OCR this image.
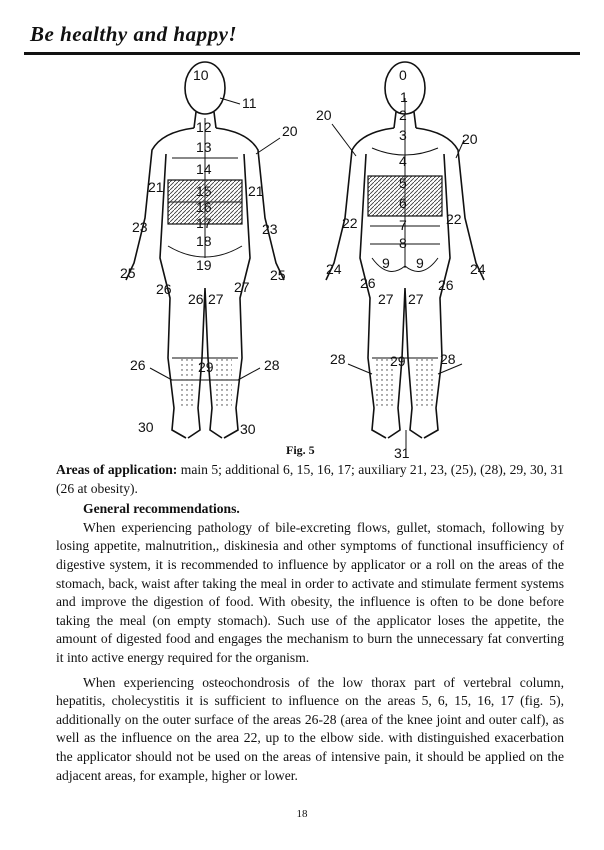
Be healthy and happy!
10
11
12	20
13
14
15
21	21
16
17
23	23
18
19
25	25
26
26 27
27
26	29	28
30	30
0
1
2
20
3	20
4
5
6
22	22
7
8
9 9
24	24
26	26
27 27
28	29 28
31
Fig. 5

Areas of application: main 5; additional 6, 15, 16, 17; auxiliary 21, 23, (25), (28), 29, 30, 31 (26 at obesity).

General recommendations.

When experiencing pathology of bile-excreting flows, gullet, stomach, following by losing appetite, malnutrition,, diskinesia and other symptoms of functional insufficiency of digestive system, it is recommended to influence by applicator or a roll on the areas of the stomach, back, waist after taking the meal in order to activate and stimulate ferment systems and improve the digestion of food. With obesity, the influence is often to be done before taking the meal (on empty stomach). Such use of the applicator loses the appetite, the amount of digested food and engages the mechanism to burn the unnecessary fat converting it into active energy required for the organism.

When experiencing osteochondrosis of the low thorax part of vertebral column, hepatitis, cholecystitis it is sufficient to influence on the areas 5, 6, 15, 16, 17 (fig. 5), additionally on the outer surface of the areas 26-28 (area of the knee joint and outer calf), as well as the influence on the area 22, up to the elbow side. with distinguished exacerbation the applicator should not be used on the areas of intensive pain, it should be applied on the adjacent areas, for example, higher or lower.

18
